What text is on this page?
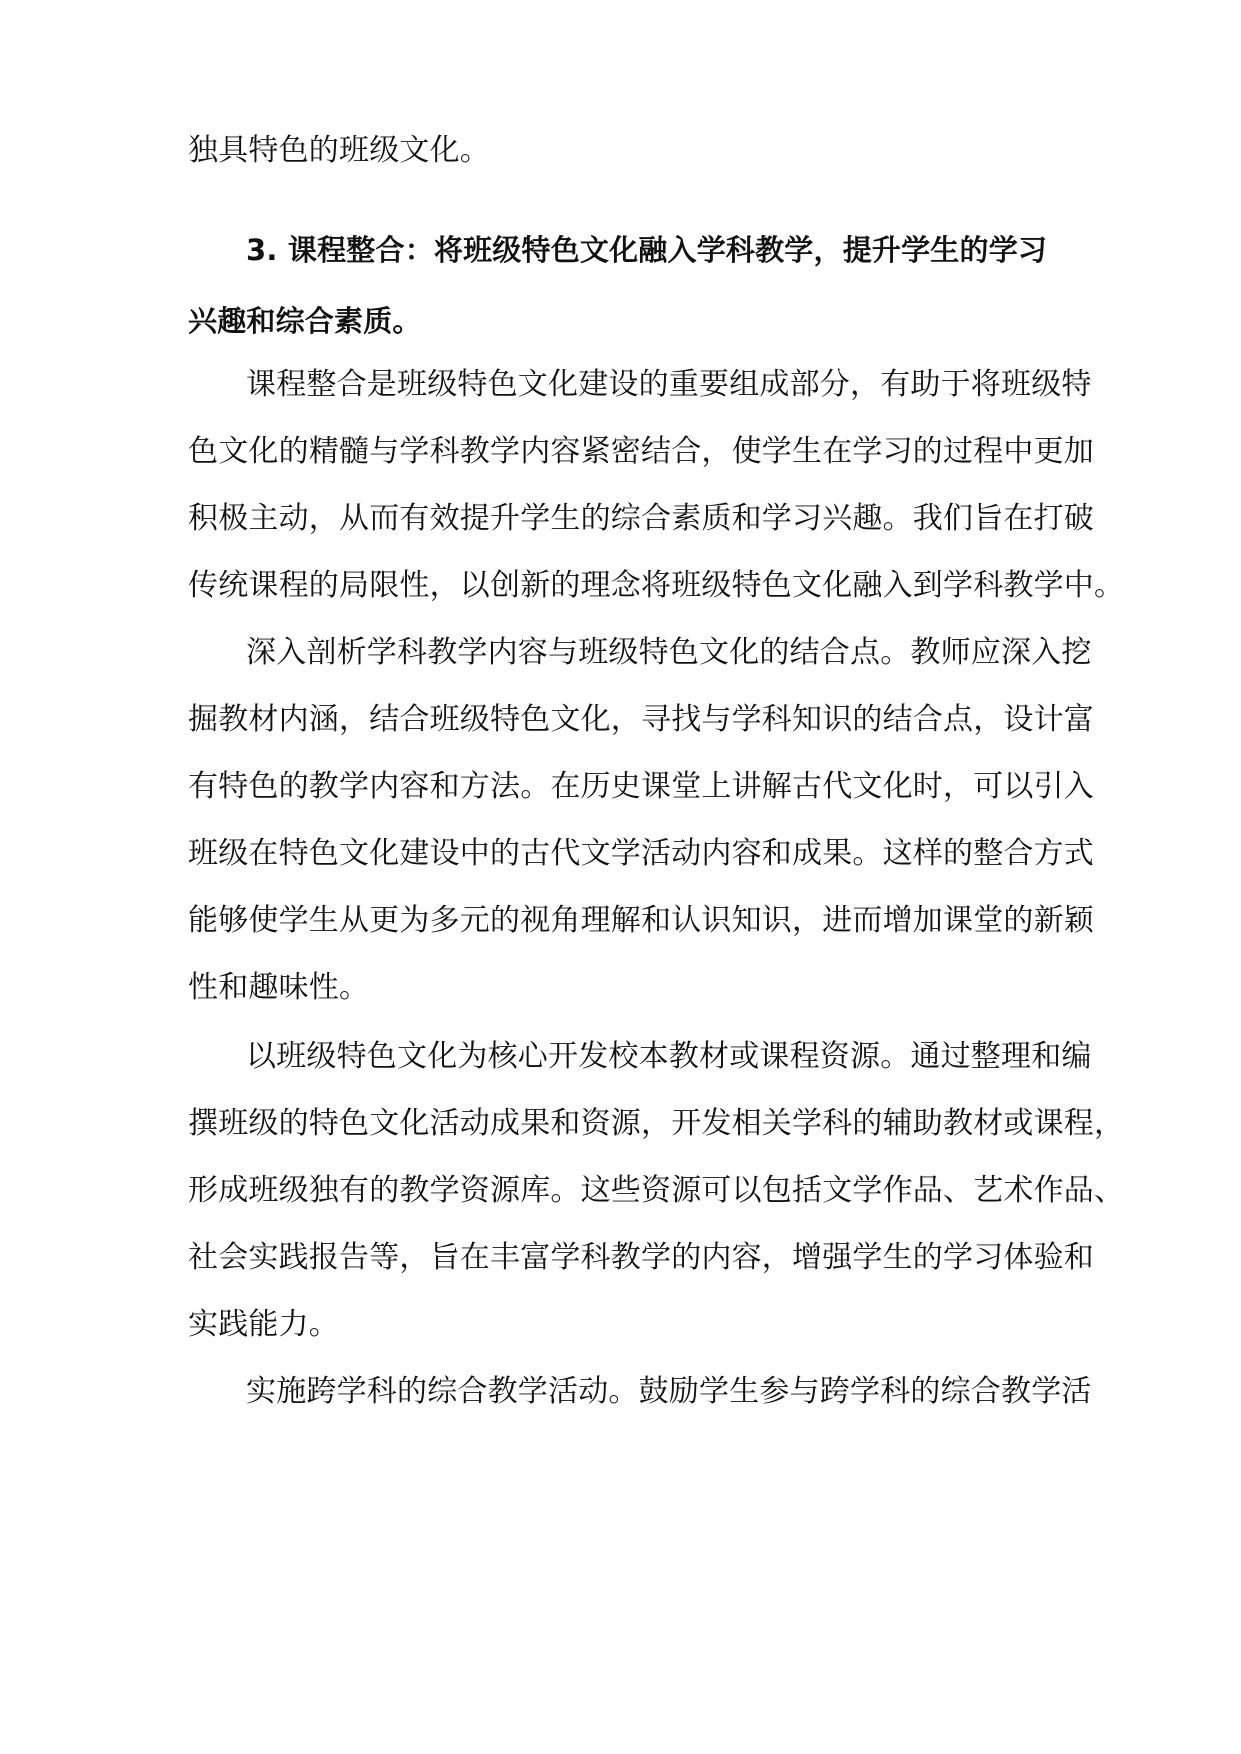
独具特色的班级文化。
3. 课程整合：将班级特色文化融入学科教学，提升学生的学习
兴趣和综合素质。
课程整合是班级特色文化建设的重要组成部分，有助于将班级特
色文化的精髓与学科教学内容紧密结合，使学生在学习的过程中更加
积极主动，从而有效提升学生的综合素质和学习兴趣。我们旨在打破
传统课程的局限性，以创新的理念将班级特色文化融入到学科教学中。
深入剖析学科教学内容与班级特色文化的结合点。教师应深入挖
掘教材内涵，结合班级特色文化，寻找与学科知识的结合点，设计富
有特色的教学内容和方法。在历史课堂上讲解古代文化时，可以引入
班级在特色文化建设中的古代文学活动内容和成果。这样的整合方式
能够使学生从更为多元的视角理解和认识知识，进而增加课堂的新颖
性和趣味性。
以班级特色文化为核心开发校本教材或课程资源。通过整理和编
撰班级的特色文化活动成果和资源，开发相关学科的辅助教材或课程，
形成班级独有的教学资源库。这些资源可以包括文学作品、艺术作品、
社会实践报告等，旨在丰富学科教学的内容，增强学生的学习体验和
实践能力。
实施跨学科的综合教学活动。鼓励学生参与跨学科的综合教学活
